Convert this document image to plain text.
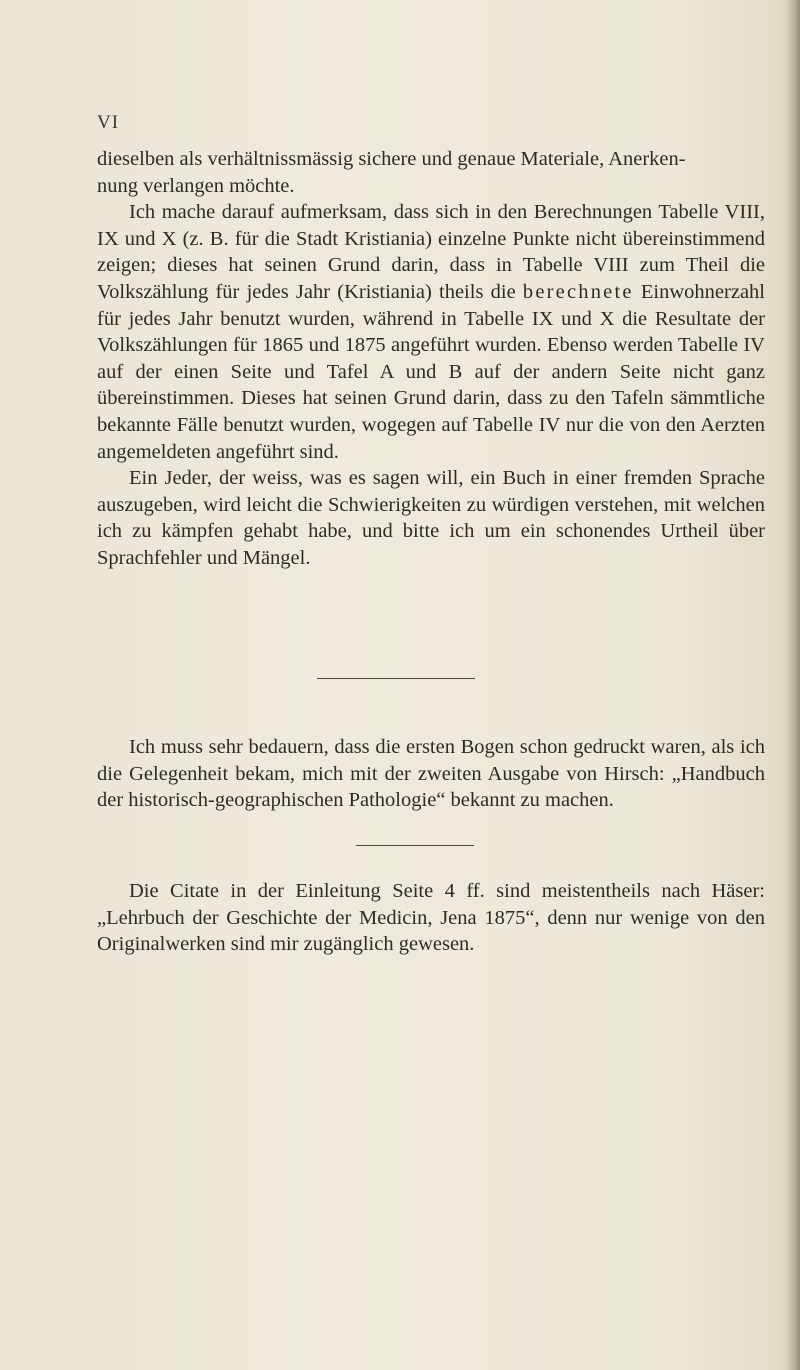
VI

dieselben als verhältnissmässig sichere und genaue Materiale, Anerken-
nung verlangen möchte.

Ich mache darauf aufmerksam, dass sich in den Berechnungen Tabelle VIII, IX und X (z. B. für die Stadt Kristiania) einzelne Punkte nicht übereinstimmend zeigen; dieses hat seinen Grund darin, dass in Tabelle VIII zum Theil die Volkszählung für jedes Jahr (Kristiania) theils die berechnete Einwohnerzahl für jedes Jahr benutzt wurden, während in Tabelle IX und X die Resultate der Volkszählungen für 1865 und 1875 angeführt wurden. Ebenso werden Tabelle IV auf der einen Seite und Tafel A und B auf der andern Seite nicht ganz übereinstimmen. Dieses hat seinen Grund darin, dass zu den Tafeln sämmtliche bekannte Fälle benutzt wurden, wogegen auf Tabelle IV nur die von den Aerzten angemeldeten angeführt sind.

Ein Jeder, der weiss, was es sagen will, ein Buch in einer fremden Sprache auszugeben, wird leicht die Schwierigkeiten zu würdigen verstehen, mit welchen ich zu kämpfen gehabt habe, und bitte ich um ein schonendes Urtheil über Sprachfehler und Mängel.

Ich muss sehr bedauern, dass die ersten Bogen schon gedruckt waren, als ich die Gelegenheit bekam, mich mit der zweiten Ausgabe von Hirsch: „Handbuch der historisch-geographischen Pathologie“ bekannt zu machen.

Die Citate in der Einleitung Seite 4 ff. sind meistentheils nach Häser: „Lehrbuch der Geschichte der Medicin, Jena 1875“, denn nur wenige von den Originalwerken sind mir zugänglich gewesen.
